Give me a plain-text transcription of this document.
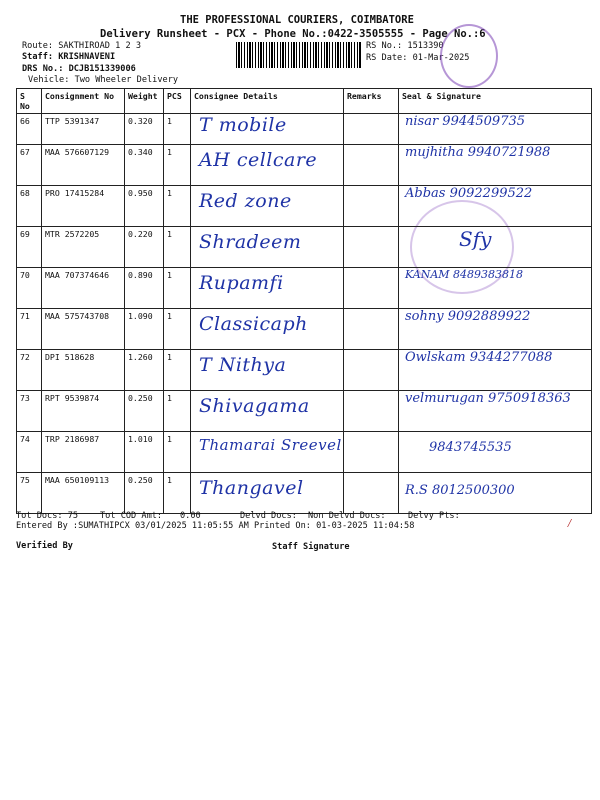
THE PROFESSIONAL COURIERS, COIMBATORE
Delivery Runsheet - PCX - Phone No.:0422-3505555 - Page No.:6
Route: SAKTHIROAD 1 2 3
Staff: KRISHNAVENI
DRS No.: DCJB151339006
Vehicle: Two Wheeler Delivery
RS No.: 1513390
RS Date: 01-Mar-2025
S No	Consignment No	Weight	PCS	Consignee Details	Remarks	Seal & Signature
66	TTP 5391347	0.320	1	T mobile		nisar 9944509735

67	MAA 576607129	0.340	1	AH cellcare		mujhitha 9940721988

68	PRO 17415284	0.950	1	Red zone		Abbas 9092299522

69	MTR 2572205	0.220	1	Shradeem		Sfy

70	MAA 707374646	0.890	1	Rupamfi		KANAM 8489383818

71	MAA 575743708	1.090	1	Classicaph		sohny 9092889922

72	DPI 518628	1.260	1	T Nithya		Owlskam 9344277088

73	RPT 9539874	0.250	1	Shivagama		velmurugan 9750918363

74	TRP 2186987	1.010	1	Thamarai Sreevel		9843745535

75	MAA 650109113	0.250	1	Thangavel		R.S 8012500300
Tot Docs: 75	Tot COD Amt: 0.00	Delvd Docs: Non Delvd Docs:	Delvy Pts:
Entered By :SUMATHIPCX 03/01/2025 11:05:55 AM Printed On: 01-03-2025 11:04:58
Verified By	Staff Signature
⁄
